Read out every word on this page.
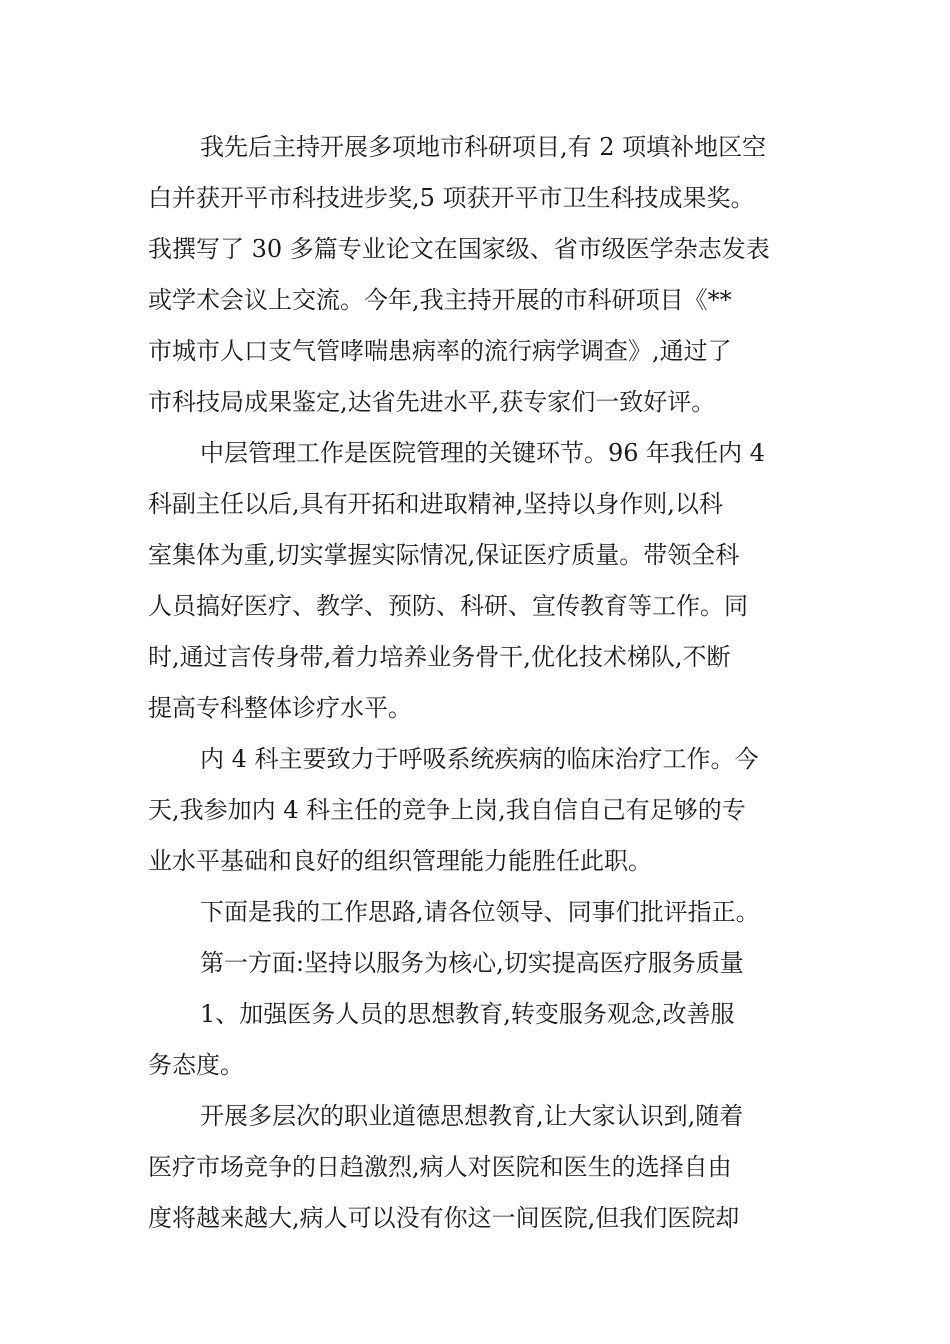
我先后主持开展多项地市科研项目,有 2 项填补地区空
白并获开平市科技进步奖,5 项获开平市卫生科技成果奖。
我撰写了 30 多篇专业论文在国家级、省市级医学杂志发表
或学术会议上交流。今年,我主持开展的市科研项目《**
市城市人口支气管哮喘患病率的流行病学调查》,通过了
市科技局成果鉴定,达省先进水平,获专家们一致好评。
中层管理工作是医院管理的关键环节。96 年我任内 4
科副主任以后,具有开拓和进取精神,坚持以身作则,以科
室集体为重,切实掌握实际情况,保证医疗质量。带领全科
人员搞好医疗、教学、预防、科研、宣传教育等工作。同
时,通过言传身带,着力培养业务骨干,优化技术梯队,不断
提高专科整体诊疗水平。
内 4 科主要致力于呼吸系统疾病的临床治疗工作。今
天,我参加内 4 科主任的竞争上岗,我自信自己有足够的专
业水平基础和良好的组织管理能力能胜任此职。
下面是我的工作思路,请各位领导、同事们批评指正。
第一方面:坚持以服务为核心,切实提高医疗服务质量
1、加强医务人员的思想教育,转变服务观念,改善服
务态度。
开展多层次的职业道德思想教育,让大家认识到,随着
医疗市场竞争的日趋激烈,病人对医院和医生的选择自由
度将越来越大,病人可以没有你这一间医院,但我们医院却
